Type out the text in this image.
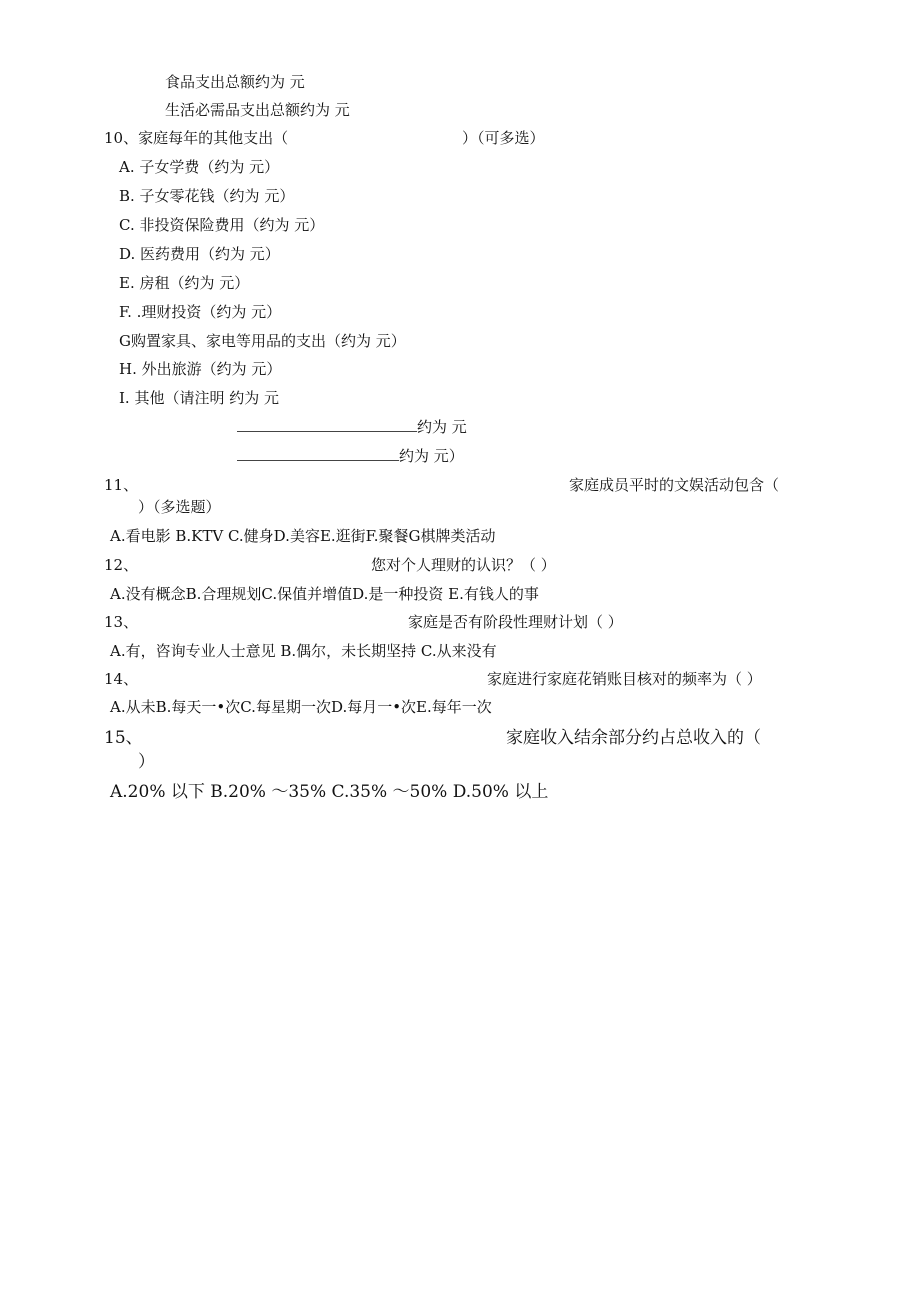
食品支出总额约为 元
生活必需品支出总额约为 元
10、家庭每年的其他支出（	）（可多选）
A. 子女学费（约为 元）
B. 子女零花钱（约为 元）
C. 非投资保险费用（约为 元）
D. 医药费用（约为 元）
E. 房租（约为 元）
F. .理财投资（约为 元）
G购置家具、家电等用品的支出（约为 元）
H. 外出旅游（约为 元）
I. 其他（请注明 约为 元
约为 元
约为 元）
11、	家庭成员平时的文娱活动包含（
）（多选题）
A.看电影 B.KTV C.健身D.美容E.逛街F.聚餐G棋牌类活动
12、	您对个人理财的认识？（ ）
A.没有概念B.合理规划C.保值并增值D.是一种投资 E.有钱人的事
13、	家庭是否有阶段性理财计划（ ）
A.有，咨询专业人士意见 B.偶尔，未长期坚持 C.从来没有
14、	家庭进行家庭花销账目核对的频率为（ ）
A.从未B.每天一•次C.每星期一次D.每月一•次E.每年一次
15、	家庭收入结余部分约占总收入的（
）
A.20% 以下 B.20% ～35% C.35% ～50% D.50% 以上
